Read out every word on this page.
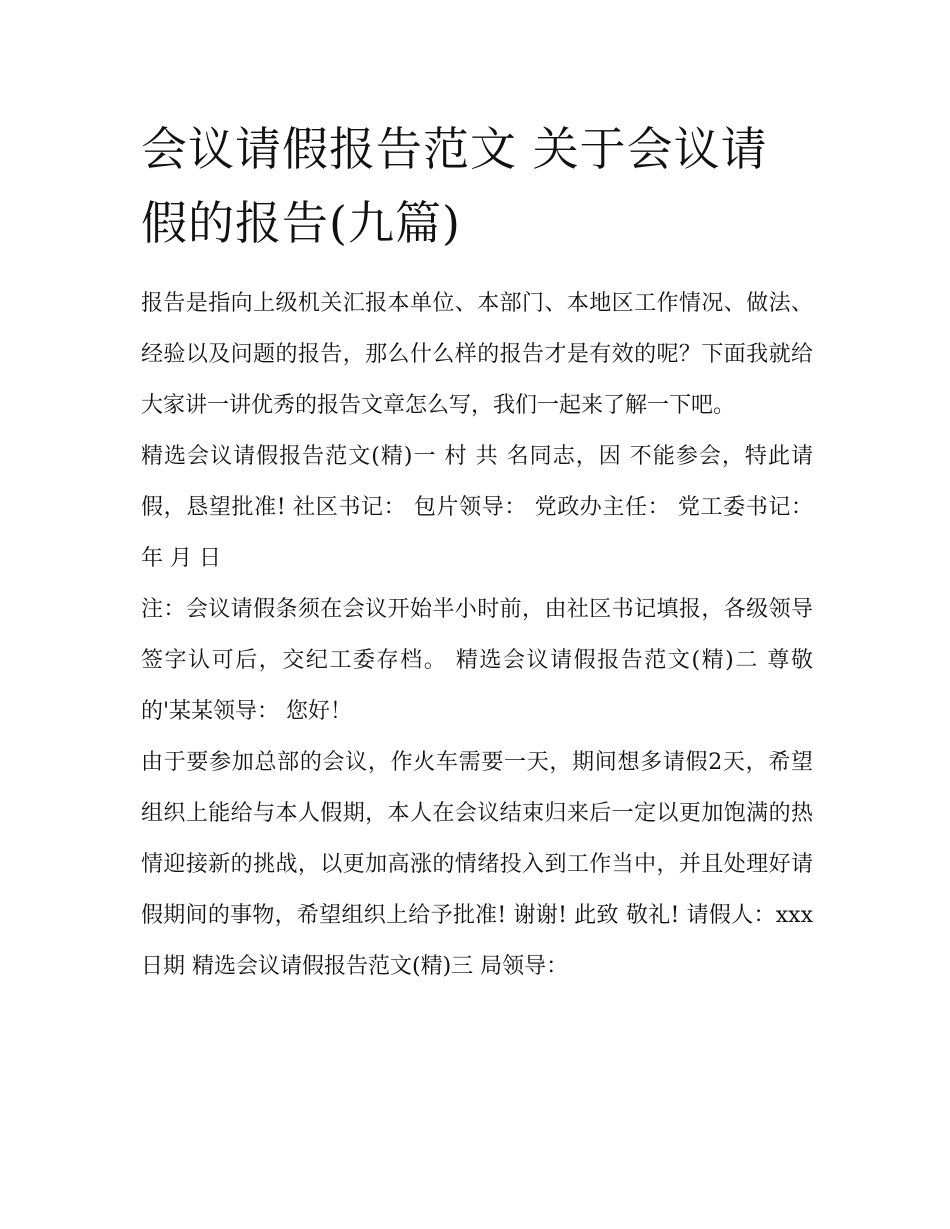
会议请假报告范文 关于会议请假的报告(九篇)

报告是指向上级机关汇报本单位、本部门、本地区工作情况、做法、经验以及问题的报告，那么什么样的报告才是有效的呢？下面我就给大家讲一讲优秀的报告文章怎么写，我们一起来了解一下吧。

精选会议请假报告范文(精)一 村 共 名同志，因 不能参会，特此请假，恳望批准! 社区书记： 包片领导： 党政办主任： 党工委书记： 年 月 日

注：会议请假条须在会议开始半小时前，由社区书记填报，各级领导签字认可后，交纪工委存档。 精选会议请假报告范文(精)二 尊敬的'某某领导： 您好！

由于要参加总部的会议，作火车需要一天，期间想多请假2天，希望组织上能给与本人假期，本人在会议结束归来后一定以更加饱满的热情迎接新的挑战，以更加高涨的情绪投入到工作当中，并且处理好请假期间的事物，希望组织上给予批准! 谢谢! 此致 敬礼! 请假人：xxx 日期 精选会议请假报告范文(精)三 局领导：
